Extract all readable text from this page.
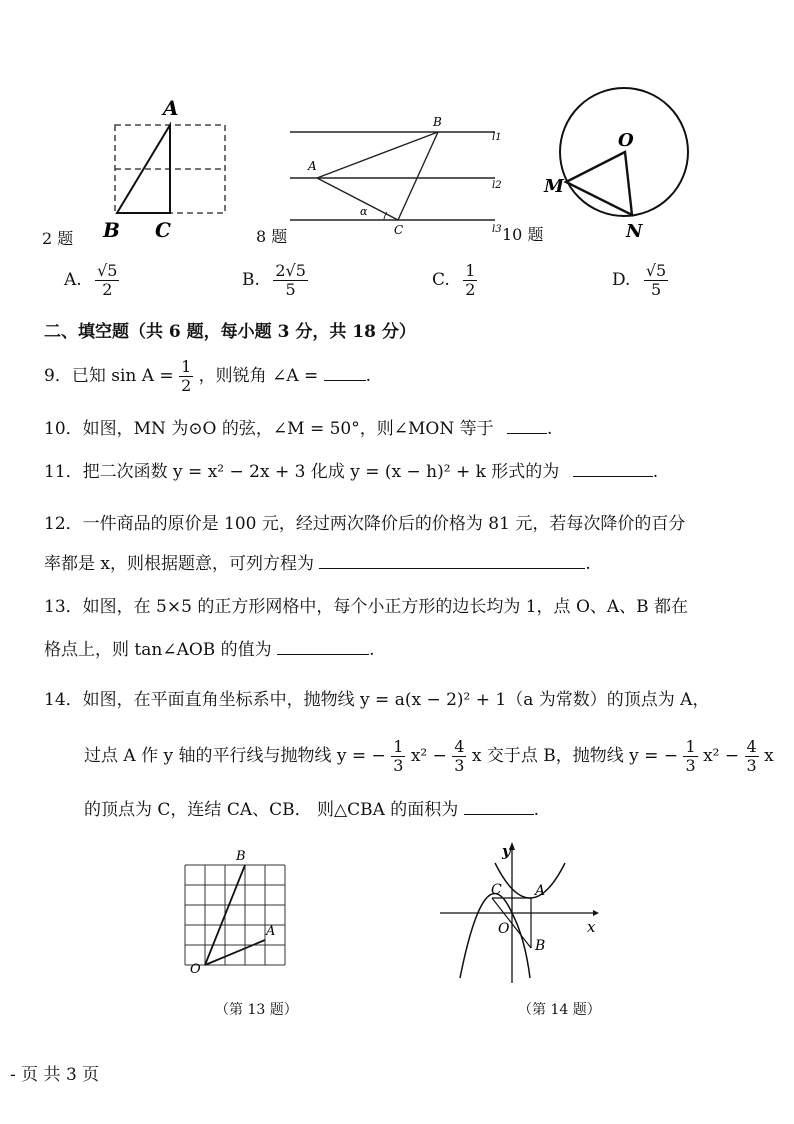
A
B C
2 题
A
B
C
α
l1
l2
l3
8 题	10 题
O
M
N
A. $\frac{√5}{2}$	B. $\frac{2√5}{5}$	C. $\frac{1}{2}$	D. $\frac{√5}{5}$
二、填空题（共 6 题，每小题 3 分，共 18 分）
9．已知 $\sin A = \frac{1}{2}$ ，则锐角 ∠A =	.
10．如图，MN 为⊙O 的弦，∠M = 50°，则∠MON 等于	.
11．把二次函数 y = x² − 2x + 3 化成 y = (x − h)² + k 形式的为	.
12．一件商品的原价是 100 元，经过两次降价后的价格为 81 元，若每次降价的百分
率都是 x，则根据题意，可列方程为	.
13．如图，在 5×5 的正方形网格中，每个小正方形的边长均为 1，点 O、A、B 都在
格点上，则 tan∠AOB 的值为	.
14．如图，在平面直角坐标系中，抛物线 y = a(x − 2)² + 1（a 为常数）的顶点为 A，
过点 A 作 y 轴的平行线与抛物线 y = − $\frac{1}{3} x^2 - \frac{4}{3}$ x 交于点 B，抛物线 y = − $\frac{1}{3} x^2 - \frac{4}{3}$ x
的顶点为 C，连结 CA、CB． 则△CBA 的面积为	.
O
A
B
（第 13 题）
y
x
O
A
B
C
（第 14 题）
- 页 共 3 页
